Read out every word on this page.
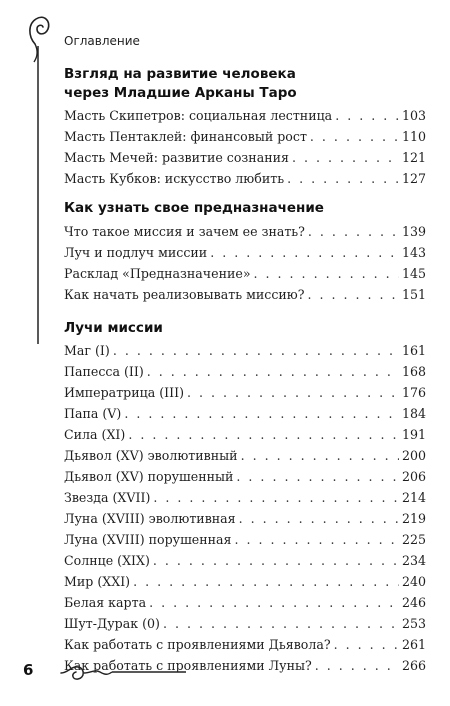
Оглавление
Взгляд на развитие человека
через Младшие Арканы Таро
Масть Скипетров: социальная лестница . . .	103
Масть Пентаклей: финансовый рост . . .	110
Масть Мечей: развитие сознания . . .	121
Масть Кубков: искусство любить . . .	127
Как узнать свое предназначение
Что такое миссия и зачем ее знать? . . .	139
Луч и подлуч миссии . . .	143
Расклад «Предназначение» . . .	145
Как начать реализовывать миссию? . . .	151
Лучи миссии
Маг (I) . . .	161
Папесса (II) . . .	168
Императрица (III) . . .	176
Папа (V) . . .	184
Сила (XI) . . .	191
Дьявол (XV) эволютивный . . .	200
Дьявол (XV) порушенный . . .	206
Звезда (XVII) . . .	214
Луна (XVIII) эволютивная . . .	219
Луна (XVIII) порушенная . . .	225
Солнце (XIX) . . .	234
Мир (XXI) . . .	240
Белая карта . . .	246
Шут-Дурак (0) . . .	253
Как работать с проявлениями Дьявола? . . .	261
Как работать с проявлениями Луны? . . .	266
6
